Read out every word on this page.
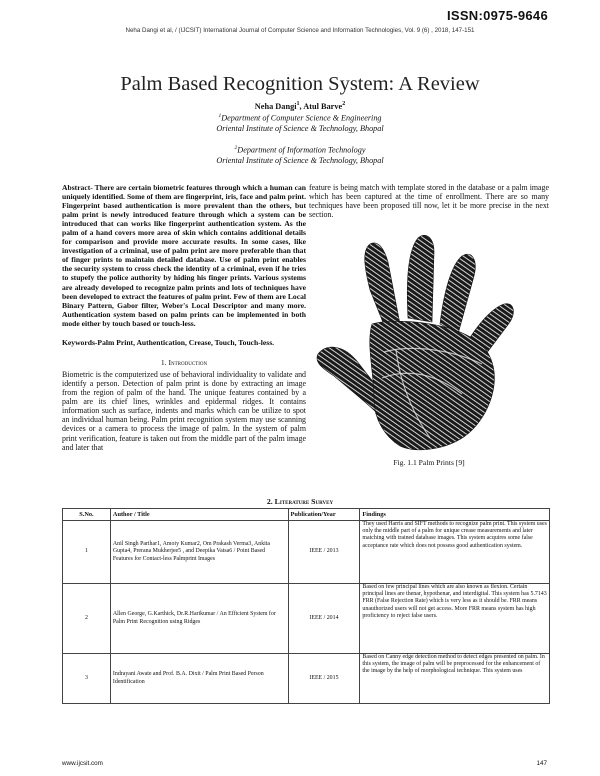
ISSN:0975-9646
Neha Dangi et al, / (IJCSIT) International Journal of Computer Science and Information Technologies, Vol. 9 (6) , 2018, 147-151
Palm Based Recognition System: A Review
Neha Dangi$^1$, Atul Barve$^2$
$^1$Department of Computer Science & Engineering
Oriental Institute of Science & Technology, Bhopal
$^2$Department of Information Technology
Oriental Institute of Science & Technology, Bhopal

Abstract- There are certain biometric features through which a human can uniquely identified. Some of them are fingerprint, iris, face and palm print. Fingerprint based authentication is more prevalent than the others, but palm print is newly introduced feature through which a system can be introduced that can works like fingerprint authentication system. As the palm of a hand covers more area of skin which contains additional details for comparison and provide more accurate results. In some cases, like investigation of a criminal, use of palm print are more preferable than that of finger prints to maintain detailed database. Use of palm print enables the security system to cross check the identity of a criminal, even if he tries to stupefy the police authority by hiding his finger prints. Various systems are already developed to recognize palm prints and lots of techniques have been developed to extract the features of palm print. Few of them are Local Binary Pattern, Gabor filter, Weber's Local Descriptor and many more. Authentication system based on palm prints can be implemented in both mode either by touch based or touch-less.

Keywords-Palm Print, Authentication, Crease, Touch, Touch-less.

1. Introduction

Biometric is the computerized use of behavioral individuality to validate and identify a person. Detection of palm print is done by extracting an image from the region of palm of the hand. The unique features contained by a palm are its chief lines, wrinkles and epidermal ridges. It contains information such as surface, indents and marks which can be utilize to spot an individual human being. Palm print recognition system may use scanning devices or a camera to process the image of palm. In the system of palm print verification, feature is taken out from the middle part of the palm image and later that

feature is being match with template stored in the database or a palm image which has been captured at the time of enrollment. There are so many techniques have been proposed till now, let it be more precise in the next section.

Fig. 1.1 Palm Prints [9]
2. Literature Survey
S.No.	Author / Title	Publication/Year	Findings
1	Anil Singh Parihar1, Amoiy Kumar2, Om Prakash Verma3, Ankita Gupta4, Prerana Mukherjee5 , and Deepika Vatsa6 / Point Based Features for Contact-less Palmprint Images	IEEE / 2013	They used Harris and SIFT methods to recognize palm print. This system uses only the middle part of a palm for unique crease measurements and later matching with trained database images. This system acquires some false acceptance rate which does not possess good authentication system.
2	Allen George, G.Karthick, Dr.R.Harikumar / An Efficient System for Palm Print Recognition using Ridges	IEEE / 2014	Based on few principal lines which are also known as flexion. Certain principal lines are thenar, hypothenar, and interdigital. This system has 5.7143 FRR (False Rejection Rate) which is very less as it should be. FRR means unauthorized users will not get access. More FRR means system has high proficiency to reject false users.
3	Indrayani Awate and Prof. B.A. Dixit / Palm Print Based Person Identification	IEEE / 2015	Based on Canny edge detection method to detect edges presented on palm. In this system, the image of palm will be preprocessed for the enhancement of the image by the help of morphological technique. This system uses
www.ijcsit.com	147
